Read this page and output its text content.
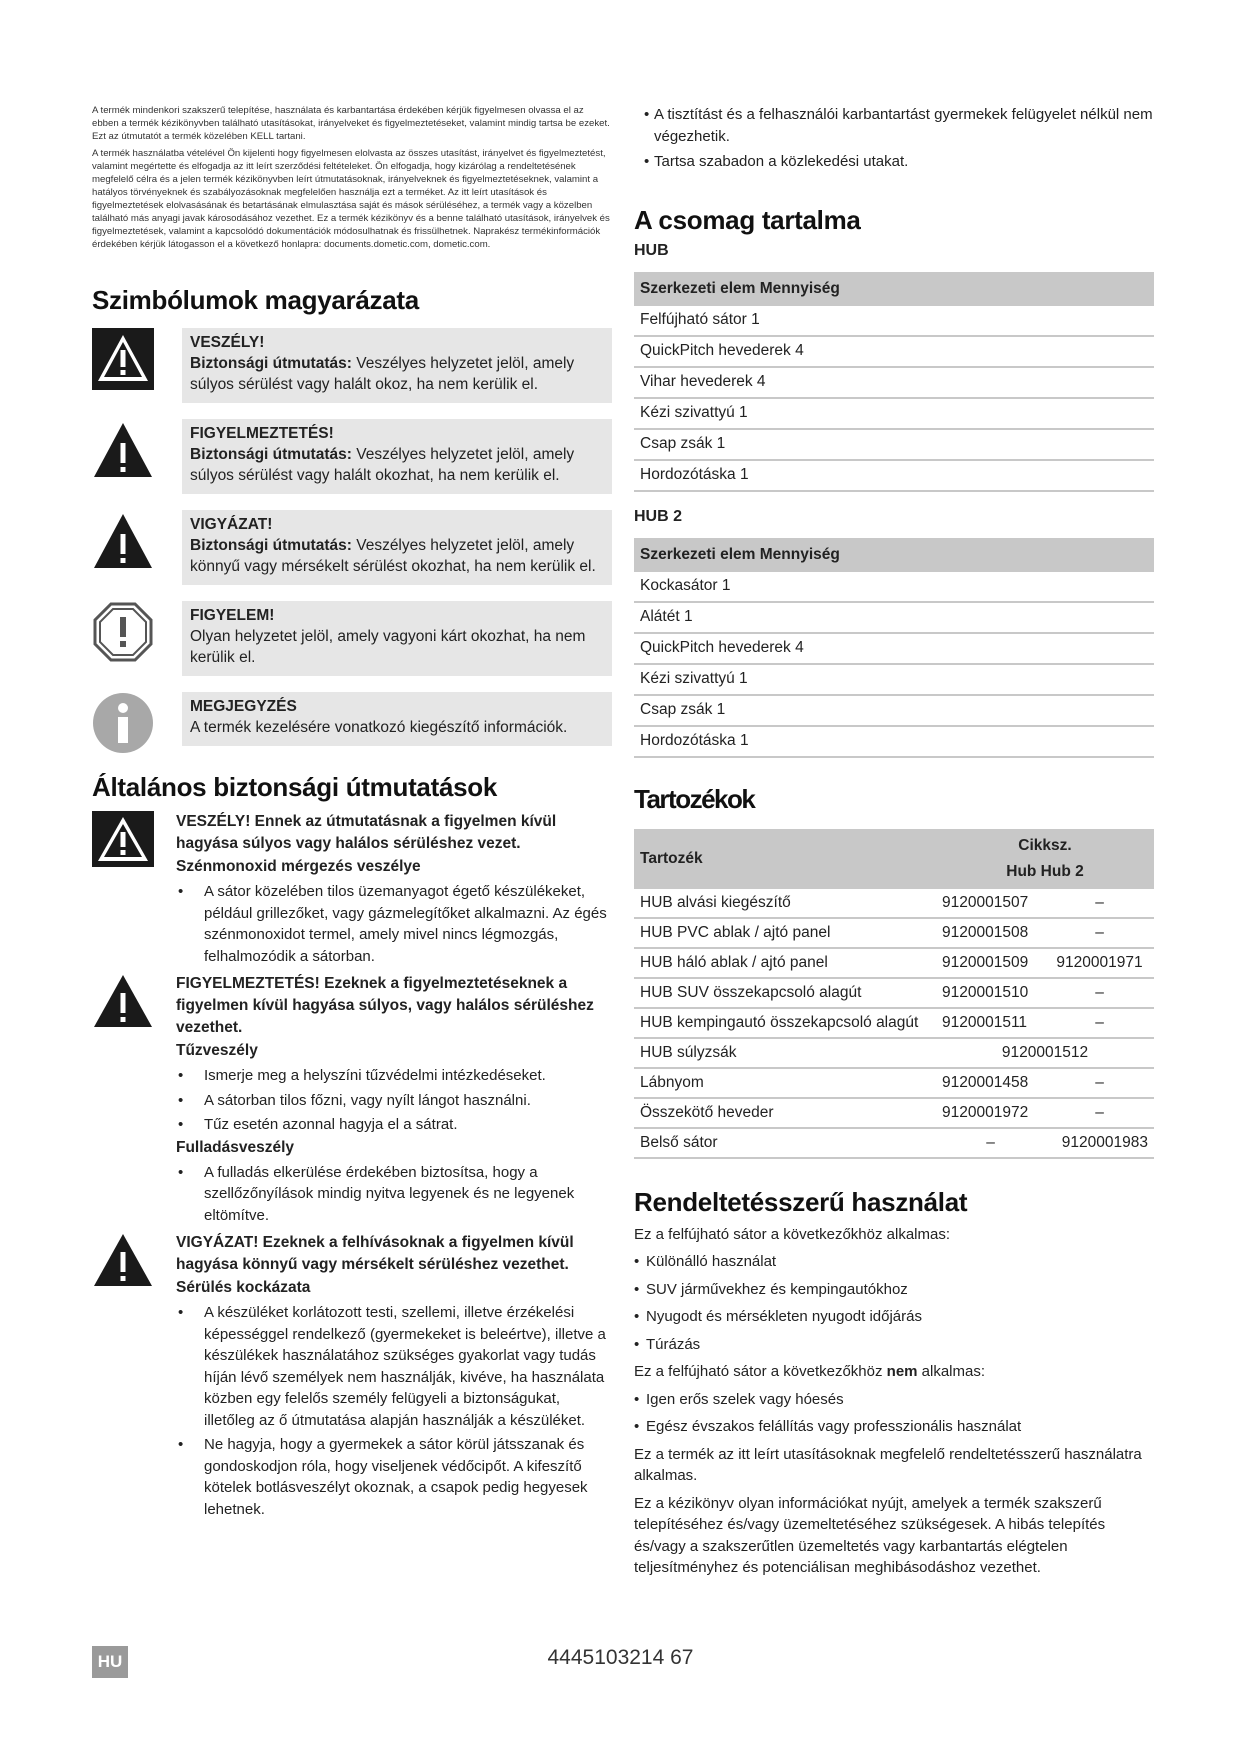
A termék mindenkori szakszerű telepítése, használata és karbantartása érdekében kérjük figyelmesen olvassa el az ebben a termék kézikönyvben található utasításokat, irányelveket és figyelmeztetéseket, valamint mindig tartsa be ezeket. Ezt az útmutatót a termék közelében KELL tartani.

A termék használatba vételével Ön kijelenti hogy figyelmesen elolvasta az összes utasítást, irányelvet és figyelmeztetést, valamint megértette és elfogadja az itt leírt szerződési feltételeket. Ön elfogadja, hogy kizárólag a rendeltetésének megfelelő célra és a jelen termék kézikönyvben leírt útmutatásoknak, irányelveknek és figyelmeztetéseknek, valamint a hatályos törvényeknek és szabályozásoknak megfelelően használja ezt a terméket. Az itt leírt utasítások és figyelmeztetések elolvasásának és betartásának elmulasztása saját és mások sérüléséhez, a termék vagy a közelben található más anyagi javak károsodásához vezethet. Ez a termék kézikönyv és a benne található utasítások, irányelvek és figyelmeztetések, valamint a kapcsolódó dokumentációk módosulhatnak és frissülhetnek. Naprakész termékinformációk érdekében kérjük látogasson el a következő honlapra: documents.dometic.com, dometic.com.

Szimbólumok magyarázata
VESZÉLY!
Biztonsági útmutatás: Veszélyes helyzetet jelöl, amely súlyos sérülést vagy halált okoz, ha nem kerülik el.
FIGYELMEZTETÉS!
Biztonsági útmutatás: Veszélyes helyzetet jelöl, amely súlyos sérülést vagy halált okozhat, ha nem kerülik el.
VIGYÁZAT!
Biztonsági útmutatás: Veszélyes helyzetet jelöl, amely könnyű vagy mérsékelt sérülést okozhat, ha nem kerülik el.
FIGYELEM!
Olyan helyzetet jelöl, amely vagyoni kárt okozhat, ha nem kerülik el.
MEGJEGYZÉS
A termék kezelésére vonatkozó kiegészítő információk.
Általános biztonsági útmutatások
VESZÉLY! Ennek az útmutatásnak a figyelmen kívül hagyása súlyos vagy halálos sérüléshez vezet.
Szénmonoxid mérgezés veszélye
• A sátor közelében tilos üzemanyagot égető készülékeket, például grillezőket, vagy gázmelegítőket alkalmazni. Az égés szénmonoxidot termel, amely mivel nincs légmozgás, felhalmozódik a sátorban.
FIGYELMEZTETÉS! Ezeknek a figyelmeztetéseknek a figyelmen kívül hagyása súlyos, vagy halálos sérüléshez vezethet.
Tűzveszély
• Ismerje meg a helyszíni tűzvédelmi intézkedéseket.
• A sátorban tilos főzni, vagy nyílt lángot használni.
• Tűz esetén azonnal hagyja el a sátrat.
Fulladásveszély
• A fulladás elkerülése érdekében biztosítsa, hogy a szellőzőnyílások mindig nyitva legyenek és ne legyenek eltömítve.
VIGYÁZAT! Ezeknek a felhívásoknak a figyelmen kívül hagyása könnyű vagy mérsékelt sérüléshez vezethet.
Sérülés kockázata
• A készüléket korlátozott testi, szellemi, illetve érzékelési képességgel rendelkező (gyermekeket is beleértve), illetve a készülékek használatához szükséges gyakorlat vagy tudás híján lévő személyek nem használják, kivéve, ha használata közben egy felelős személy felügyeli a biztonságukat, illetőleg az ő útmutatása alapján használják a készüléket.
• Ne hagyja, hogy a gyermekek a sátor körül játsszanak és gondoskodjon róla, hogy viseljenek védőcipőt. A kifeszítő kötelek botlásveszélyt okoznak, a csapok pedig hegyesek lehetnek.
• A tisztítást és a felhasználói karbantartást gyermekek felügyelet nélkül nem végezhetik.
• Tartsa szabadon a közlekedési utakat.
A csomag tartalma
HUB
Szerkezeti elem Mennyiség
Felfújható sátor 1
QuickPitch hevederek 4
Vihar hevederek 4
Kézi szivattyú 1
Csap zsák 1
Hordozótáska 1
HUB 2
Szerkezeti elem Mennyiség
Kockasátor 1
Alátét 1
QuickPitch hevederek 4
Kézi szivattyú 1
Csap zsák 1
Hordozótáska 1
Tartozékok
Tartozék	Cikksz.	
	Hub Hub 2	
HUB alvási kiegészítő	9120001507	–
HUB PVC ablak / ajtó panel	9120001508	–
HUB háló ablak / ajtó panel	9120001509	9120001971
HUB SUV összekapcsoló alagút	9120001510	–
HUB kempingautó összekapcsoló alagút	9120001511	–
HUB súlyzsák	9120001512	
Lábnyom	9120001458	–
Összekötő heveder	9120001972	–
Belső sátor	–	9120001983
Rendeltetésszerű használat
Ez a felfújható sátor a következőkhöz alkalmas:
• Különálló használat
• SUV járművekhez és kempingautókhoz
• Nyugodt és mérsékleten nyugodt időjárás
• Túrázás
Ez a felfújható sátor a következőkhöz nem alkalmas:
• Igen erős szelek vagy hóesés
• Egész évszakos felállítás vagy professzionális használat
Ez a termék az itt leírt utasításoknak megfelelő rendeltetésszerű használatra alkalmas.
Ez a kézikönyv olyan információkat nyújt, amelyek a termék szakszerű telepítéséhez és/vagy üzemeltetéséhez szükségesek. A hibás telepítés és/vagy a szakszerűtlen üzemeltetés vagy karbantartás elégtelen teljesítményhez és potenciálisan meghibásodáshoz vezethet.
HU	4445103214 67
